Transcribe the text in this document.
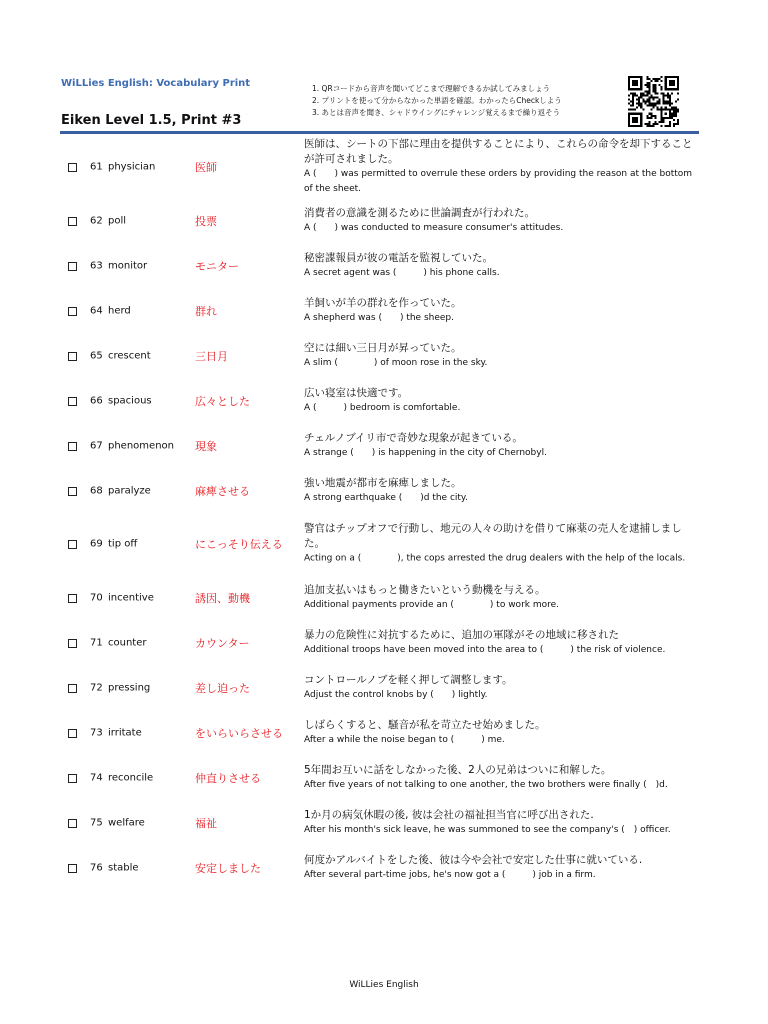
WiLLies English: Vocabulary Print
Eiken Level 1.5, Print #3
1. QRコードから音声を聞いてどこまで理解できるか試してみましょう
2. プリントを使って分からなかった単語を確認。わかったらCheckしよう
3. あとは音声を聞き、シャドウイングにチャレンジ覚えるまで繰り返そう
61 physician	医師
医師は、シートの下部に理由を提供することにより、これらの命令を却下することが許可されました。
A (　　) was permitted to overrule these orders by providing the reason at the bottom of the sheet.
62 poll	投票
消費者の意識を測るために世論調査が行われた。
A (　　) was conducted to measure consumer's attitudes.
63 monitor	モニター
秘密諜報員が彼の電話を監視していた。
A secret agent was (　　　) his phone calls.
64 herd	群れ
羊飼いが羊の群れを作っていた。
A shepherd was (　　) the sheep.
65 crescent	三日月
空には細い三日月が昇っていた。
A slim (　　　　) of moon rose in the sky.
66 spacious	広々とした
広い寝室は快適です。
A (　　　) bedroom is comfortable.
67 phenomenon 現象
チェルノブイリ市で奇妙な現象が起きている。
A strange (　　) is happening in the city of Chernobyl.
68 paralyze	麻痺させる
強い地震が都市を麻痺しました。
A strong earthquake (　　)d the city.
69 tip off	にこっそり伝える
警官はチップオフで行動し、地元の人々の助けを借りて麻薬の売人を逮捕しました。
Acting on a (　　　　), the cops arrested the drug dealers with the help of the locals.
70 incentive	誘因、動機
追加支払いはもっと働きたいという動機を与える。
Additional payments provide an (　　　　) to work more.
71 counter	カウンター
暴力の危険性に対抗するために、追加の軍隊がその地域に移された
Additional troops have been moved into the area to (　　　) the risk of violence.
72 pressing	差し迫った
コントロールノブを軽く押して調整します。
Adjust the control knobs by (　　) lightly.
73 irritate	をいらいらさせる
しばらくすると、騒音が私を苛立たせ始めました。
After a while the noise began to (　　　) me.
74 reconcile	仲直りさせる
5年間お互いに話をしなかった後、2人の兄弟はついに和解した。
After five years of not talking to one another, the two brothers were finally (　)d.
75 welfare	福祉
1か月の病気休暇の後, 彼は会社の福祉担当官に呼び出された.
After his month's sick leave, he was summoned to see the company's (　) officer.
76 stable	安定しました
何度かアルバイトをした後、彼は今や会社で安定した仕事に就いている.
After several part-time jobs, he's now got a (　　　) job in a firm.
WiLLies English
